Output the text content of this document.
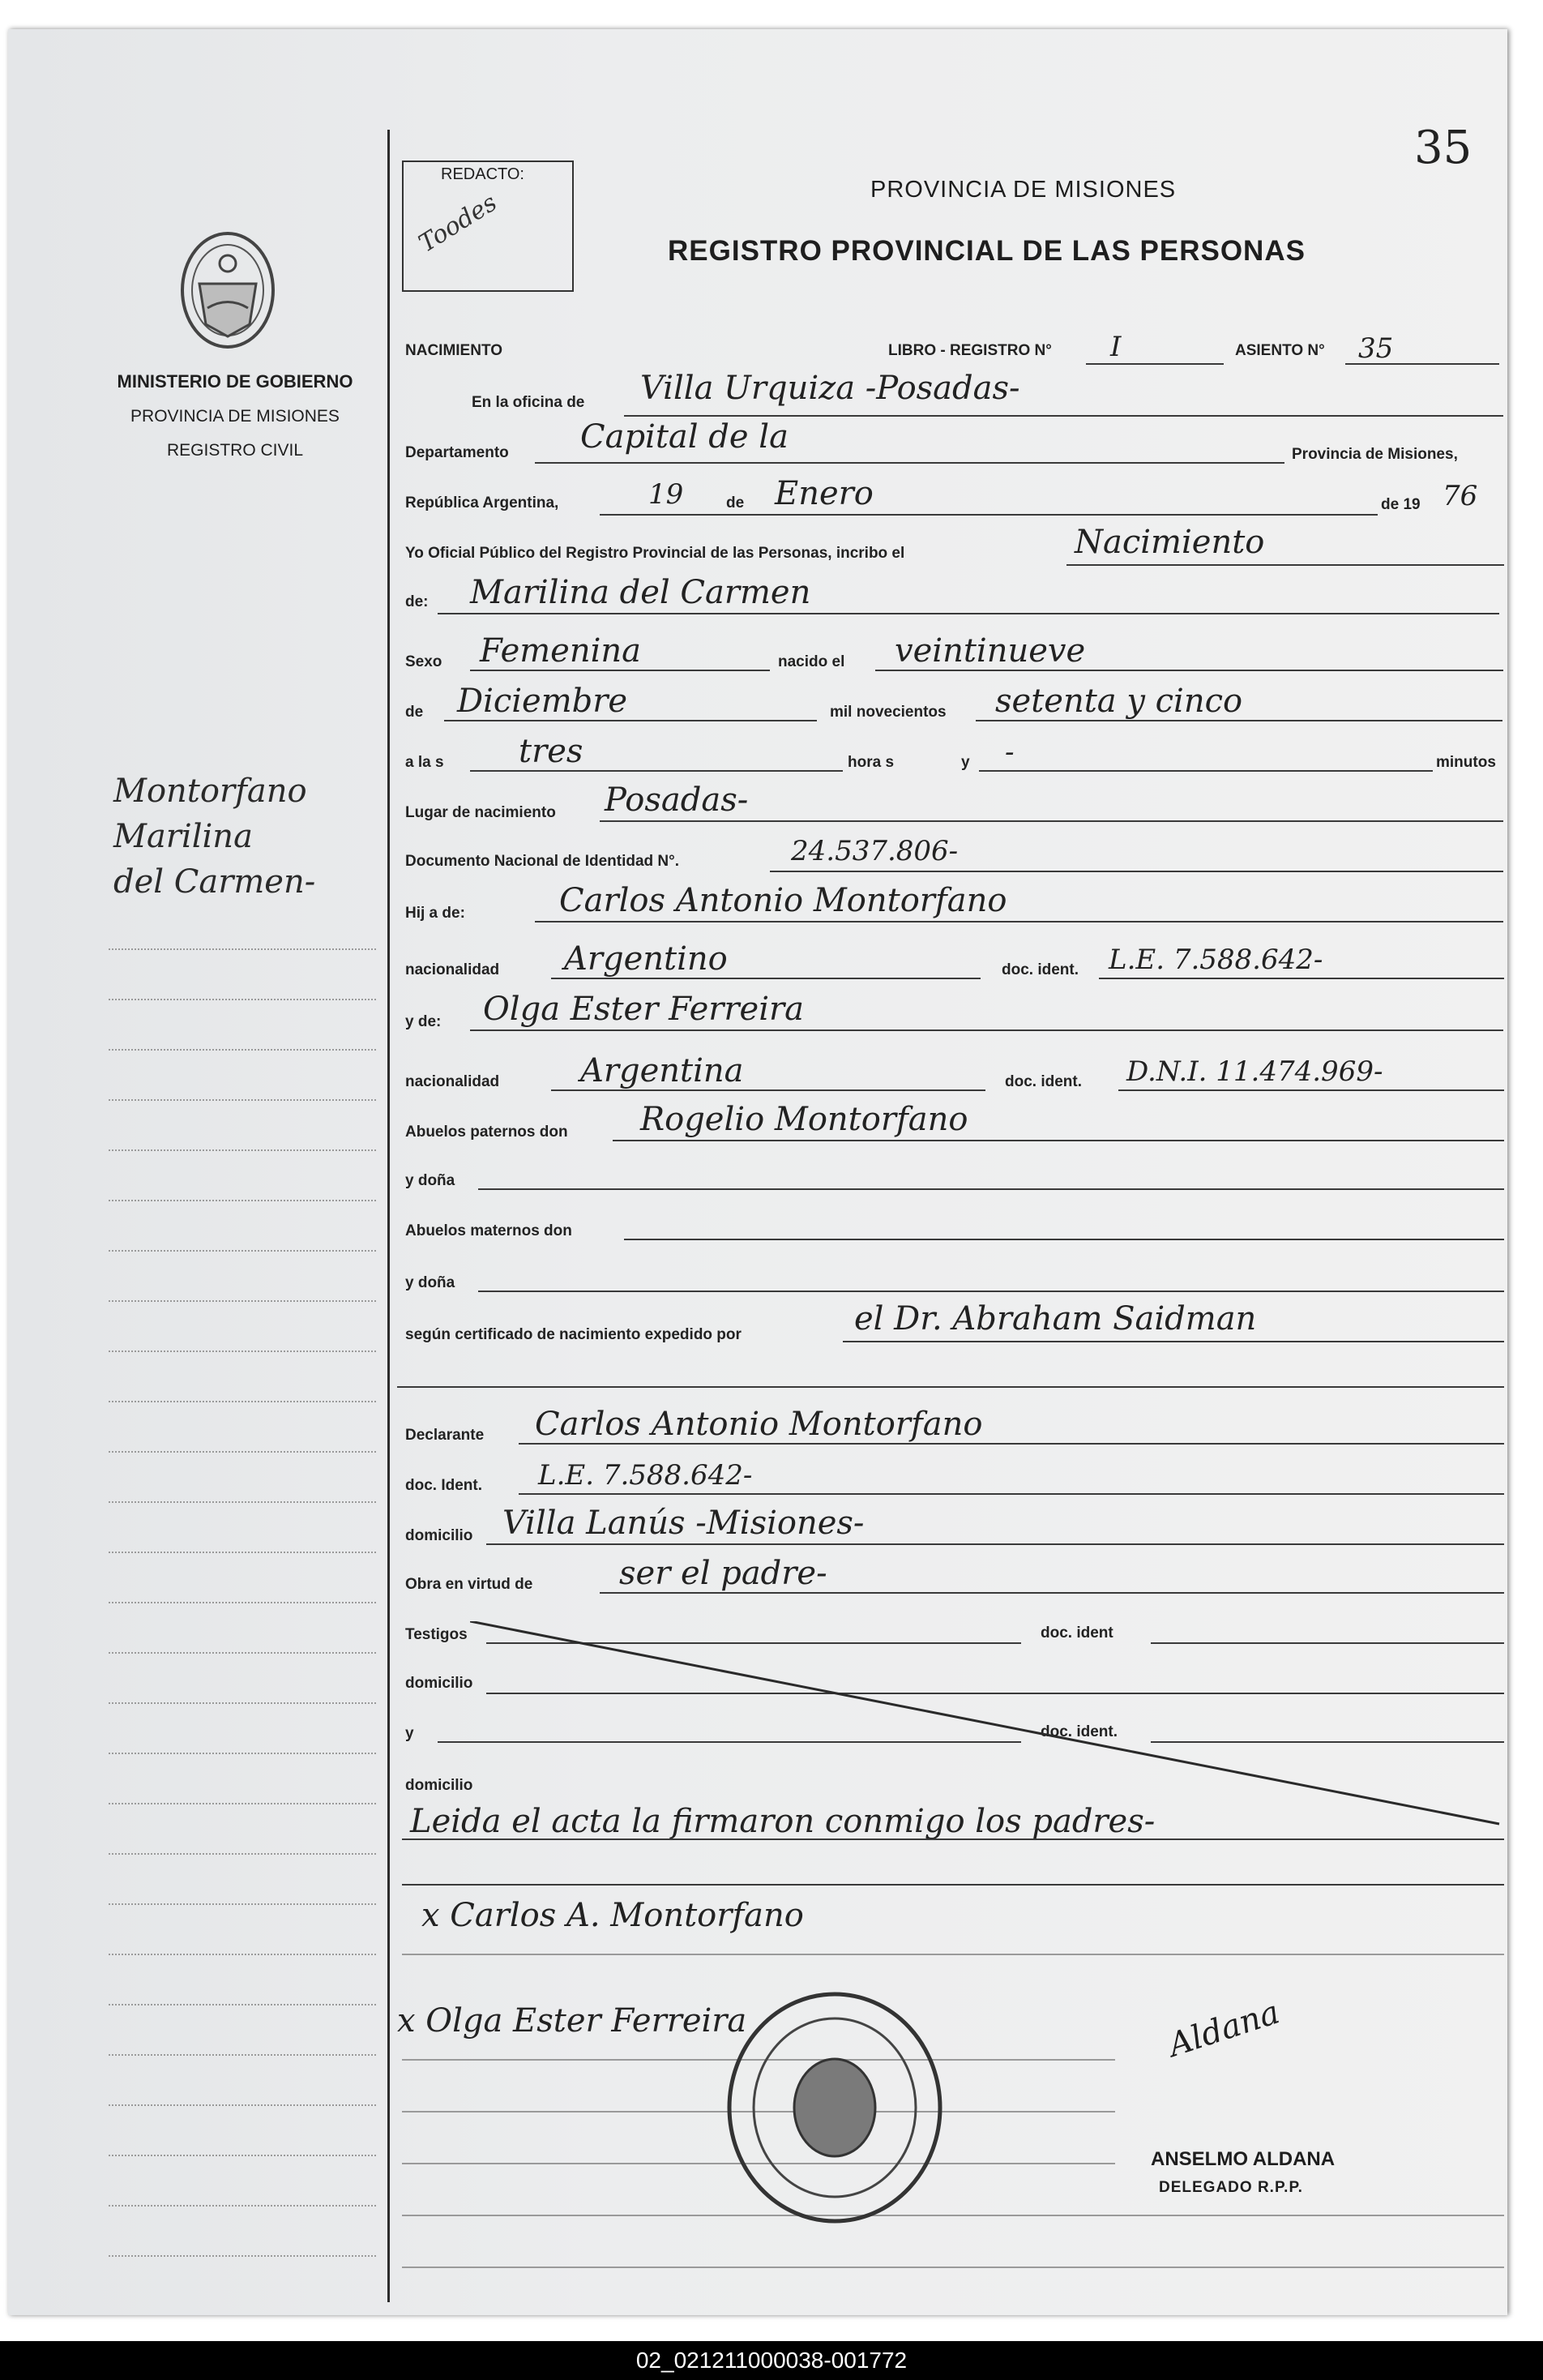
35
REDACTO:
Toodes	PROVINCIA DE MISIONES
REGISTRO PROVINCIAL DE LAS PERSONAS
MINISTERIO DE GOBIERNO
PROVINCIA DE MISIONES
REGISTRO CIVIL
Montorfano
Marilina
del Carmen-
NACIMIENTO	LIBRO - REGISTRO N° I	ASIENTO N° 35
En la oficina de Villa Urquiza -Posadas-
Departamento Capital de la	Provincia de Misiones,
República Argentina,	19	de Enero	de 19 76
Yo Oficial Público del Registro Provincial de las Personas, incribo el	Nacimiento
de: Marilina del Carmen
Sexo Femenina	nacido el veintinueve
de Diciembre	mil novecientos setenta y cinco
a la s tres	hora s	y -	minutos
Lugar de nacimiento Posadas-
Documento Nacional de Identidad N°.	24.537.806-
Hij a de:	Carlos Antonio Montorfano
nacionalidad Argentino	doc. ident. L.E. 7.588.642-
y de: Olga Ester Ferreira
nacionalidad Argentina	doc. ident. D.N.I. 11.474.969-
Abuelos paternos don Rogelio Montorfano
y doña
Abuelos maternos don
y doña
según certificado de nacimiento expedido por	el Dr. Abraham Saidman
Declarante Carlos Antonio Montorfano
doc. Ident. L.E. 7.588.642-
domicilio Villa Lanús -Misiones-
Obra en virtud de	ser el padre-
Testigos	doc. ident
domicilio
y	doc. ident.
domicilio
Leida el acta la firmaron conmigo los padres-
x Carlos A. Montorfano
x Olga Ester Ferreira	Aldana
ANSELMO ALDANA
DELEGADO R.P.P.
02_021211000038-001772
